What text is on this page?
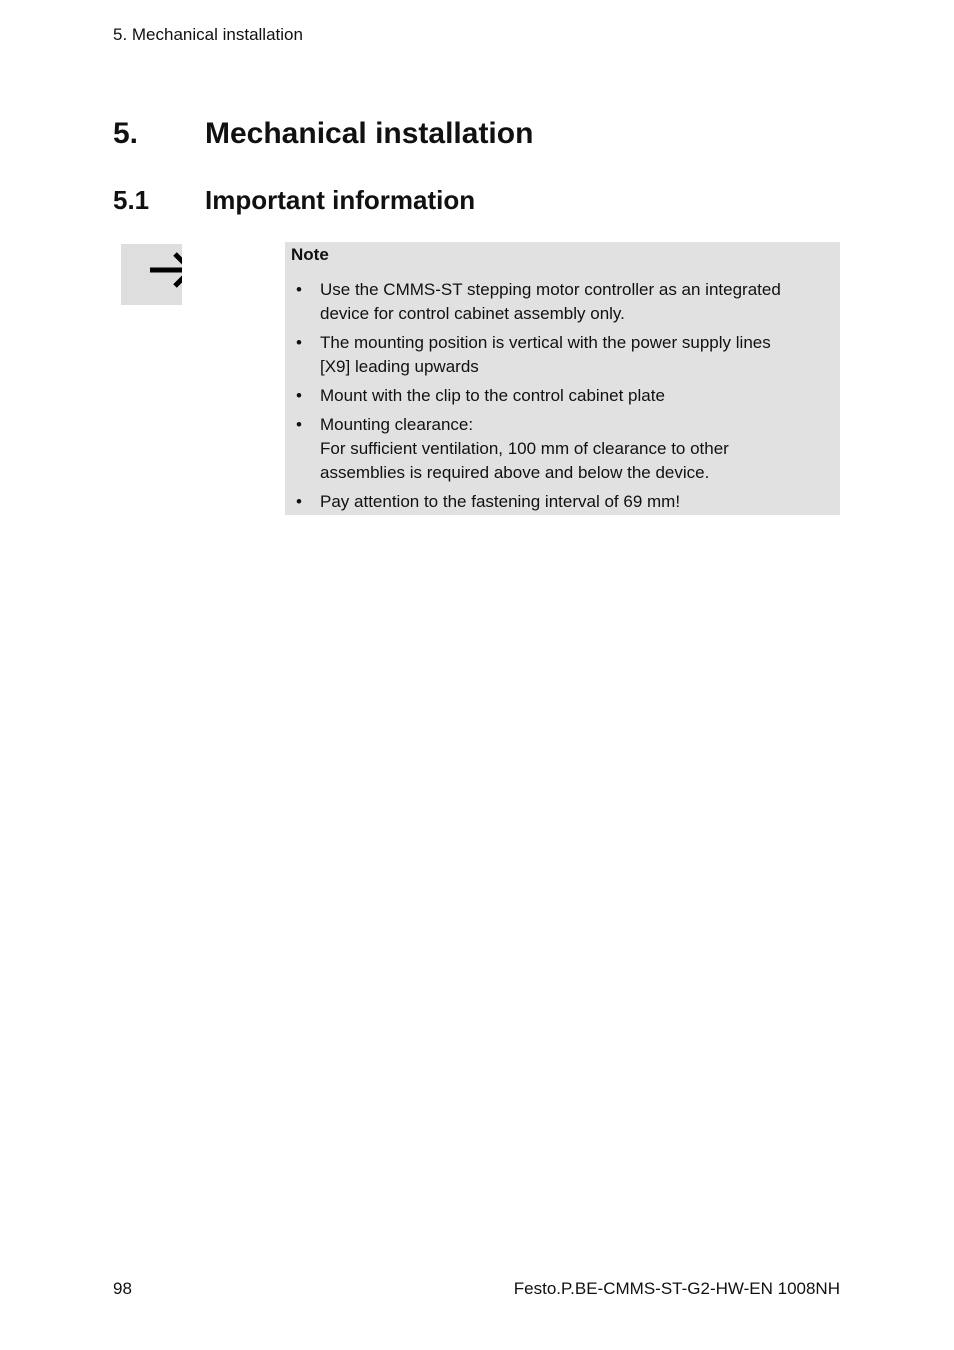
5. Mechanical installation
5. Mechanical installation
5.1 Important information
Note
• Use the CMMS-ST stepping motor controller as an integrated
device for control cabinet assembly only.
• The mounting position is vertical with the power supply lines
[X9] leading upwards
• Mount with the clip to the control cabinet plate
• Mounting clearance:
For sufficient ventilation, 100 mm of clearance to other
assemblies is required above and below the device.
• Pay attention to the fastening interval of 69 mm!
98	Festo.P.BE-CMMS-ST-G2-HW-EN 1008NH
